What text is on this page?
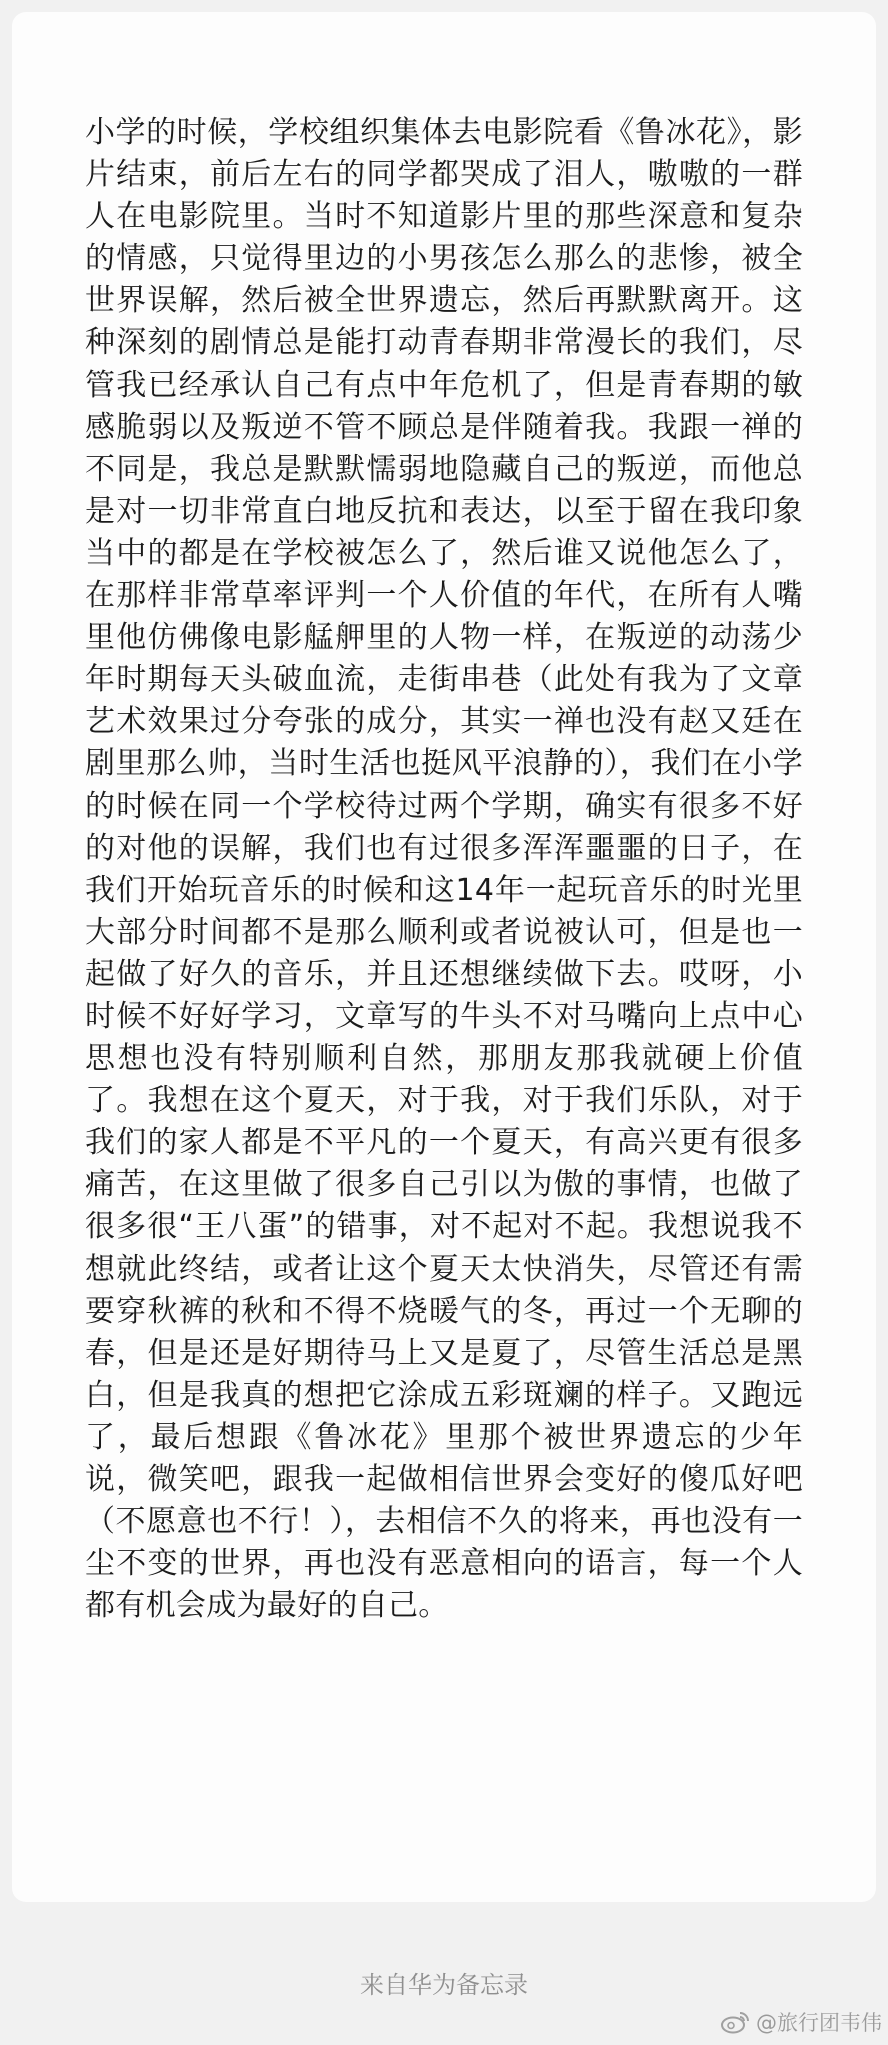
小学的时候，学校组织集体去电影院看《鲁冰花》，影片结束，前后左右的同学都哭成了泪人，嗷嗷的一群人在电影院里。当时不知道影片里的那些深意和复杂的情感，只觉得里边的小男孩怎么那么的悲惨，被全世界误解，然后被全世界遗忘，然后再默默离开。这种深刻的剧情总是能打动青春期非常漫长的我们，尽管我已经承认自己有点中年危机了，但是青春期的敏感脆弱以及叛逆不管不顾总是伴随着我。我跟一禅的不同是，我总是默默懦弱地隐藏自己的叛逆，而他总是对一切非常直白地反抗和表达，以至于留在我印象当中的都是在学校被怎么了，然后谁又说他怎么了，在那样非常草率评判一个人价值的年代，在所有人嘴里他仿佛像电影艋舺里的人物一样，在叛逆的动荡少年时期每天头破血流，走街串巷（此处有我为了文章艺术效果过分夸张的成分，其实一禅也没有赵又廷在剧里那么帅，当时生活也挺风平浪静的），我们在小学的时候在同一个学校待过两个学期，确实有很多不好的对他的误解，我们也有过很多浑浑噩噩的日子，在我们开始玩音乐的时候和这14年一起玩音乐的时光里大部分时间都不是那么顺利或者说被认可，但是也一起做了好久的音乐，并且还想继续做下去。哎呀，小时候不好好学习，文章写的牛头不对马嘴向上点中心思想也没有特别顺利自然，那朋友那我就硬上价值了。我想在这个夏天，对于我，对于我们乐队，对于我们的家人都是不平凡的一个夏天，有高兴更有很多痛苦，在这里做了很多自己引以为傲的事情，也做了很多很“王八蛋”的错事，对不起对不起。我想说我不想就此终结，或者让这个夏天太快消失，尽管还有需要穿秋裤的秋和不得不烧暖气的冬，再过一个无聊的春，但是还是好期待马上又是夏了，尽管生活总是黑白，但是我真的想把它涂成五彩斑斓的样子。又跑远了，最后想跟《鲁冰花》里那个被世界遗忘的少年说，微笑吧，跟我一起做相信世界会变好的傻瓜好吧（不愿意也不行！），去相信不久的将来，再也没有一尘不变的世界，再也没有恶意相向的语言，每一个人都有机会成为最好的自己。

来自华为备忘录
@旅行团韦伟
